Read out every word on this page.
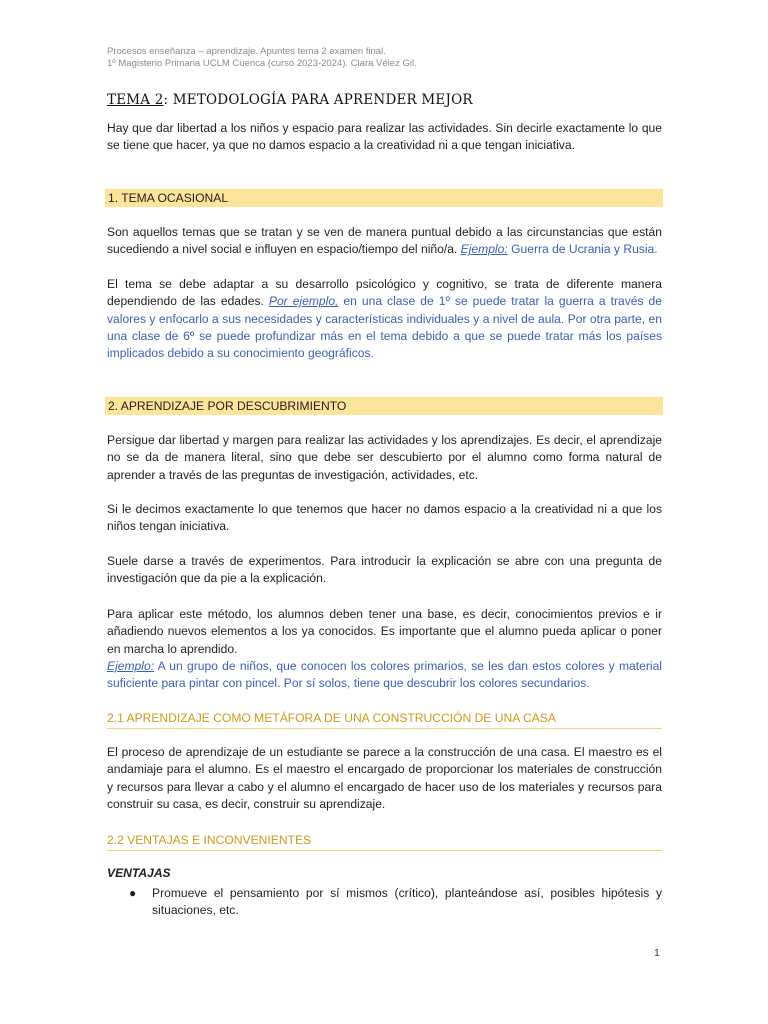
Procesos enseñanza – aprendizaje. Apuntes tema 2 examen final.
1º Magisterio Primaria UCLM Cuenca (curso 2023-2024). Clara Vélez Gil.
TEMA 2: METODOLOGÍA PARA APRENDER MEJOR

Hay que dar libertad a los niños y espacio para realizar las actividades. Sin decirle exactamente lo que se tiene que hacer, ya que no damos espacio a la creatividad ni a que tengan iniciativa.

1. TEMA OCASIONAL

Son aquellos temas que se tratan y se ven de manera puntual debido a las circunstancias que están sucediendo a nivel social e influyen en espacio/tiempo del niño/a. Ejemplo: Guerra de Ucrania y Rusia.

El tema se debe adaptar a su desarrollo psicológico y cognitivo, se trata de diferente manera dependiendo de las edades. Por ejemplo, en una clase de 1º se puede tratar la guerra a través de valores y enfocarlo a sus necesidades y características individuales y a nivel de aula. Por otra parte, en una clase de 6º se puede profundizar más en el tema debido a que se puede tratar más los países implicados debido a su conocimiento geográficos.

2. APRENDIZAJE POR DESCUBRIMIENTO

Persigue dar libertad y margen para realizar las actividades y los aprendizajes. Es decir, el aprendizaje no se da de manera literal, sino que debe ser descubierto por el alumno como forma natural de aprender a través de las preguntas de investigación, actividades, etc.

Si le decimos exactamente lo que tenemos que hacer no damos espacio a la creatividad ni a que los niños tengan iniciativa.

Suele darse a través de experimentos. Para introducir la explicación se abre con una pregunta de investigación que da pie a la explicación.

Para aplicar este método, los alumnos deben tener una base, es decir, conocimientos previos e ir añadiendo nuevos elementos a los ya conocidos. Es importante que el alumno pueda aplicar o poner en marcha lo aprendido.
Ejemplo: A un grupo de niños, que conocen los colores primarios, se les dan estos colores y material suficiente para pintar con pincel. Por sí solos, tiene que descubrir los colores secundarios.

2.1 APRENDIZAJE COMO METÁFORA DE UNA CONSTRUCCIÓN DE UNA CASA

El proceso de aprendizaje de un estudiante se parece a la construcción de una casa. El maestro es el andamiaje para el alumno. Es el maestro el encargado de proporcionar los materiales de construcción y recursos para llevar a cabo y el alumno el encargado de hacer uso de los materiales y recursos para construir su casa, es decir, construir su aprendizaje.

2.2 VENTAJAS E INCONVENIENTES
VENTAJAS
● Promueve el pensamiento por sí mismos (crítico), planteándose así, posibles hipótesis y situaciones, etc.

1
